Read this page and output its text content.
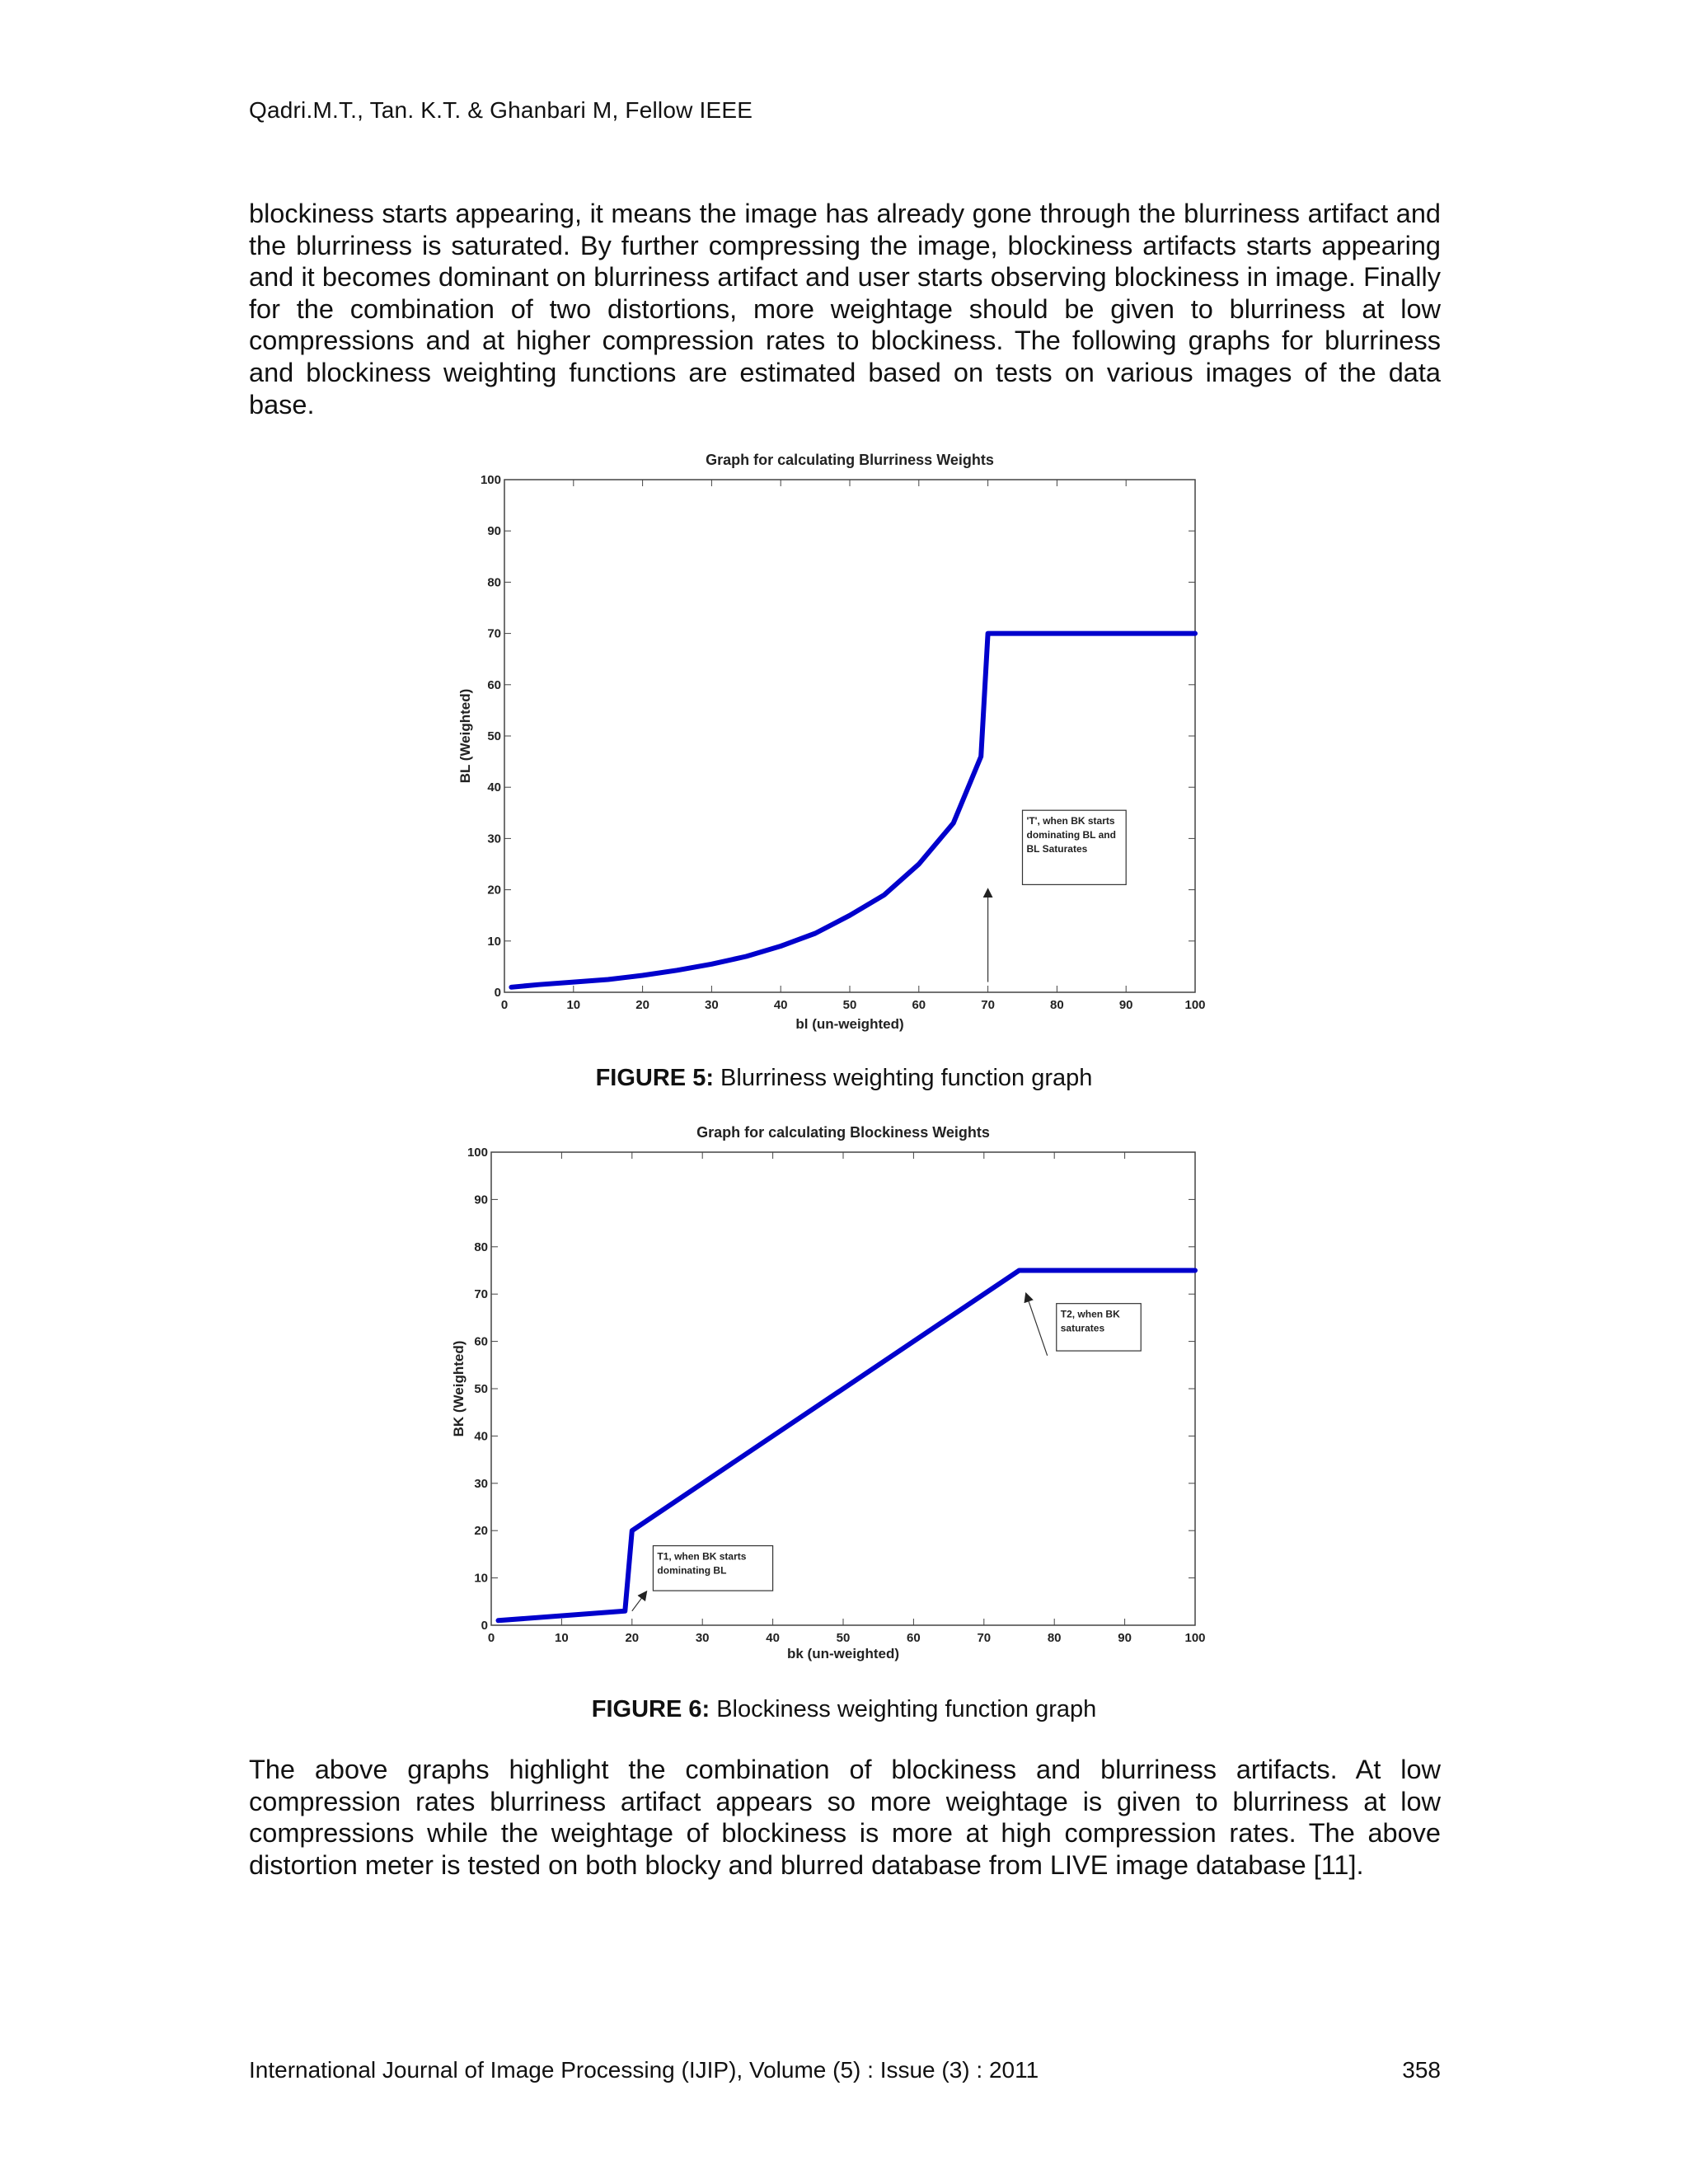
Qadri.M.T., Tan. K.T. & Ghanbari M, Fellow IEEE

blockiness starts appearing, it means the image has already gone through the blurriness artifact and the blurriness is saturated. By further compressing the image, blockiness artifacts starts appearing and it becomes dominant on blurriness artifact and user starts observing blockiness in image. Finally for the combination of two distortions, more weightage should be given to blurriness at low compressions and at higher compression rates to blockiness. The following graphs for blurriness and blockiness weighting functions are estimated based on tests on various images of the data base.

Graph for calculating Blurriness Weights
0	10	20	30	40	50	60	70	80	90	100
0
10
20
30
40
50
60
70
80
90
100
bl (un-weighted)
BL (Weighted)
'T', when BK starts
dominating BL and
BL Saturates
FIGURE 5: Blurriness weighting function graph
Graph for calculating Blockiness Weights
0	10	20	30	40	50	60	70	80	90	100
0
10
20
30
40
50
60
70
80
90
100
bk (un-weighted)
BK (Weighted)
T2, when BK
saturates
T1, when BK starts
dominating BL
FIGURE 6: Blockiness weighting function graph

The above graphs highlight the combination of blockiness and blurriness artifacts. At low compression rates blurriness artifact appears so more weightage is given to blurriness at low compressions while the weightage of blockiness is more at high compression rates. The above distortion meter is tested on both blocky and blurred database from LIVE image database [11].

International Journal of Image Processing (IJIP), Volume (5) : Issue (3) : 2011	358
